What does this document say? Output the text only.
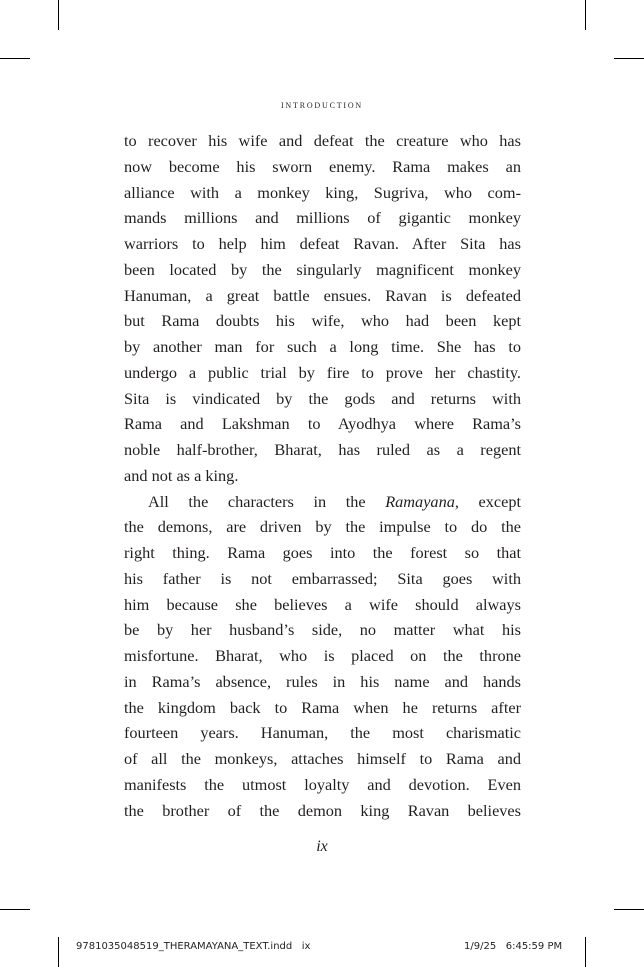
introduction
to recover his wife and defeat the creature who has
now become his sworn enemy. Rama makes an
alliance with a monkey king, Sugriva, who com-
mands millions and millions of gigantic monkey
warriors to help him defeat Ravan. After Sita has
been located by the singularly magnificent monkey
Hanuman, a great battle ensues. Ravan is defeated
but Rama doubts his wife, who had been kept
by another man for such a long time. She has to
undergo a public trial by fire to prove her chastity.
Sita is vindicated by the gods and returns with
Rama and Lakshman to Ayodhya where Rama’s
noble half-brother, Bharat, has ruled as a regent
and not as a king.
All the characters in the Ramayana, except
the demons, are driven by the impulse to do the
right thing. Rama goes into the forest so that
his father is not embarrassed; Sita goes with
him because she believes a wife should always
be by her husband’s side, no matter what his
misfortune. Bharat, who is placed on the throne
in Rama’s absence, rules in his name and hands
the kingdom back to Rama when he returns after
fourteen years. Hanuman, the most charismatic
of all the monkeys, attaches himself to Rama and
manifests the utmost loyalty and devotion. Even
the brother of the demon king Ravan believes
ix
9781035048519_THERAMAYANA_TEXT.indd   ix	1/9/25   6:45:59 PM
